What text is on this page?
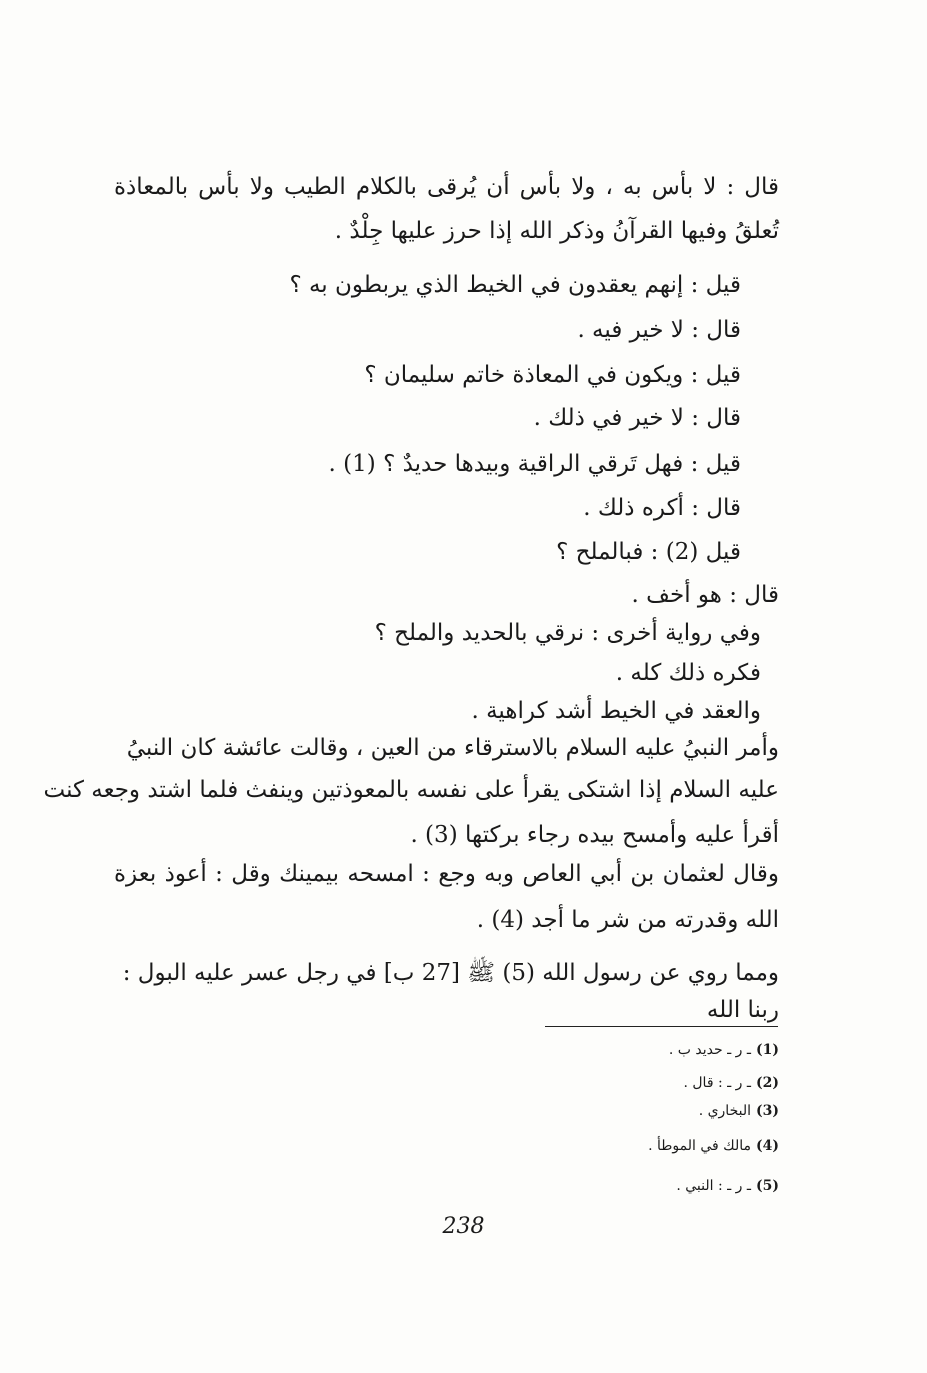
قال : لا بأس به ، ولا بأس أن يُرقى بالكلام الطيب ولا بأس بالمعاذة
تُعلقُ وفيها القرآنُ وذكر الله إذا حرز عليها جِلْدٌ .
قيل : إنهم يعقدون في الخيط الذي يربطون به ؟
قال : لا خير فيه .
قيل : ويكون في المعاذة خاتم سليمان ؟
قال : لا خير في ذلك .
قيل : فهل تَرقي الراقية وبيدها حديدٌ ؟ (1) .
قال : أكره ذلك .
قيل (2) : فبالملح ؟
قال : هو أخف .
وفي رواية أخرى : نرقي بالحديد والملح ؟
فكره ذلك كله .
والعقد في الخيط أشد كراهية .
وأمر النبيُ عليه السلام بالاسترقاء من العين ، وقالت عائشة كان النبيُ
عليه السلام إذا اشتكى يقرأ على نفسه بالمعوذتين وينفث فلما اشتد وجعه كنت
أقرأ عليه وأمسح بيده رجاء بركتها (3) .
وقال لعثمان بن أبي العاص وبه وجع : امسحه بيمينك وقل : أعوذ بعزة
الله وقدرته من شر ما أجد (4) .
ومما روي عن رسول الله (5) ﷺ [27 ب] في رجل عسر عليه البول :
ربنا الله
(1)ـ ر ـ حديد ب .
(2)ـ ر ـ : قال .
(3)البخاري .
(4)مالك في الموطأ .
(5)ـ ر ـ : النبي .
238
